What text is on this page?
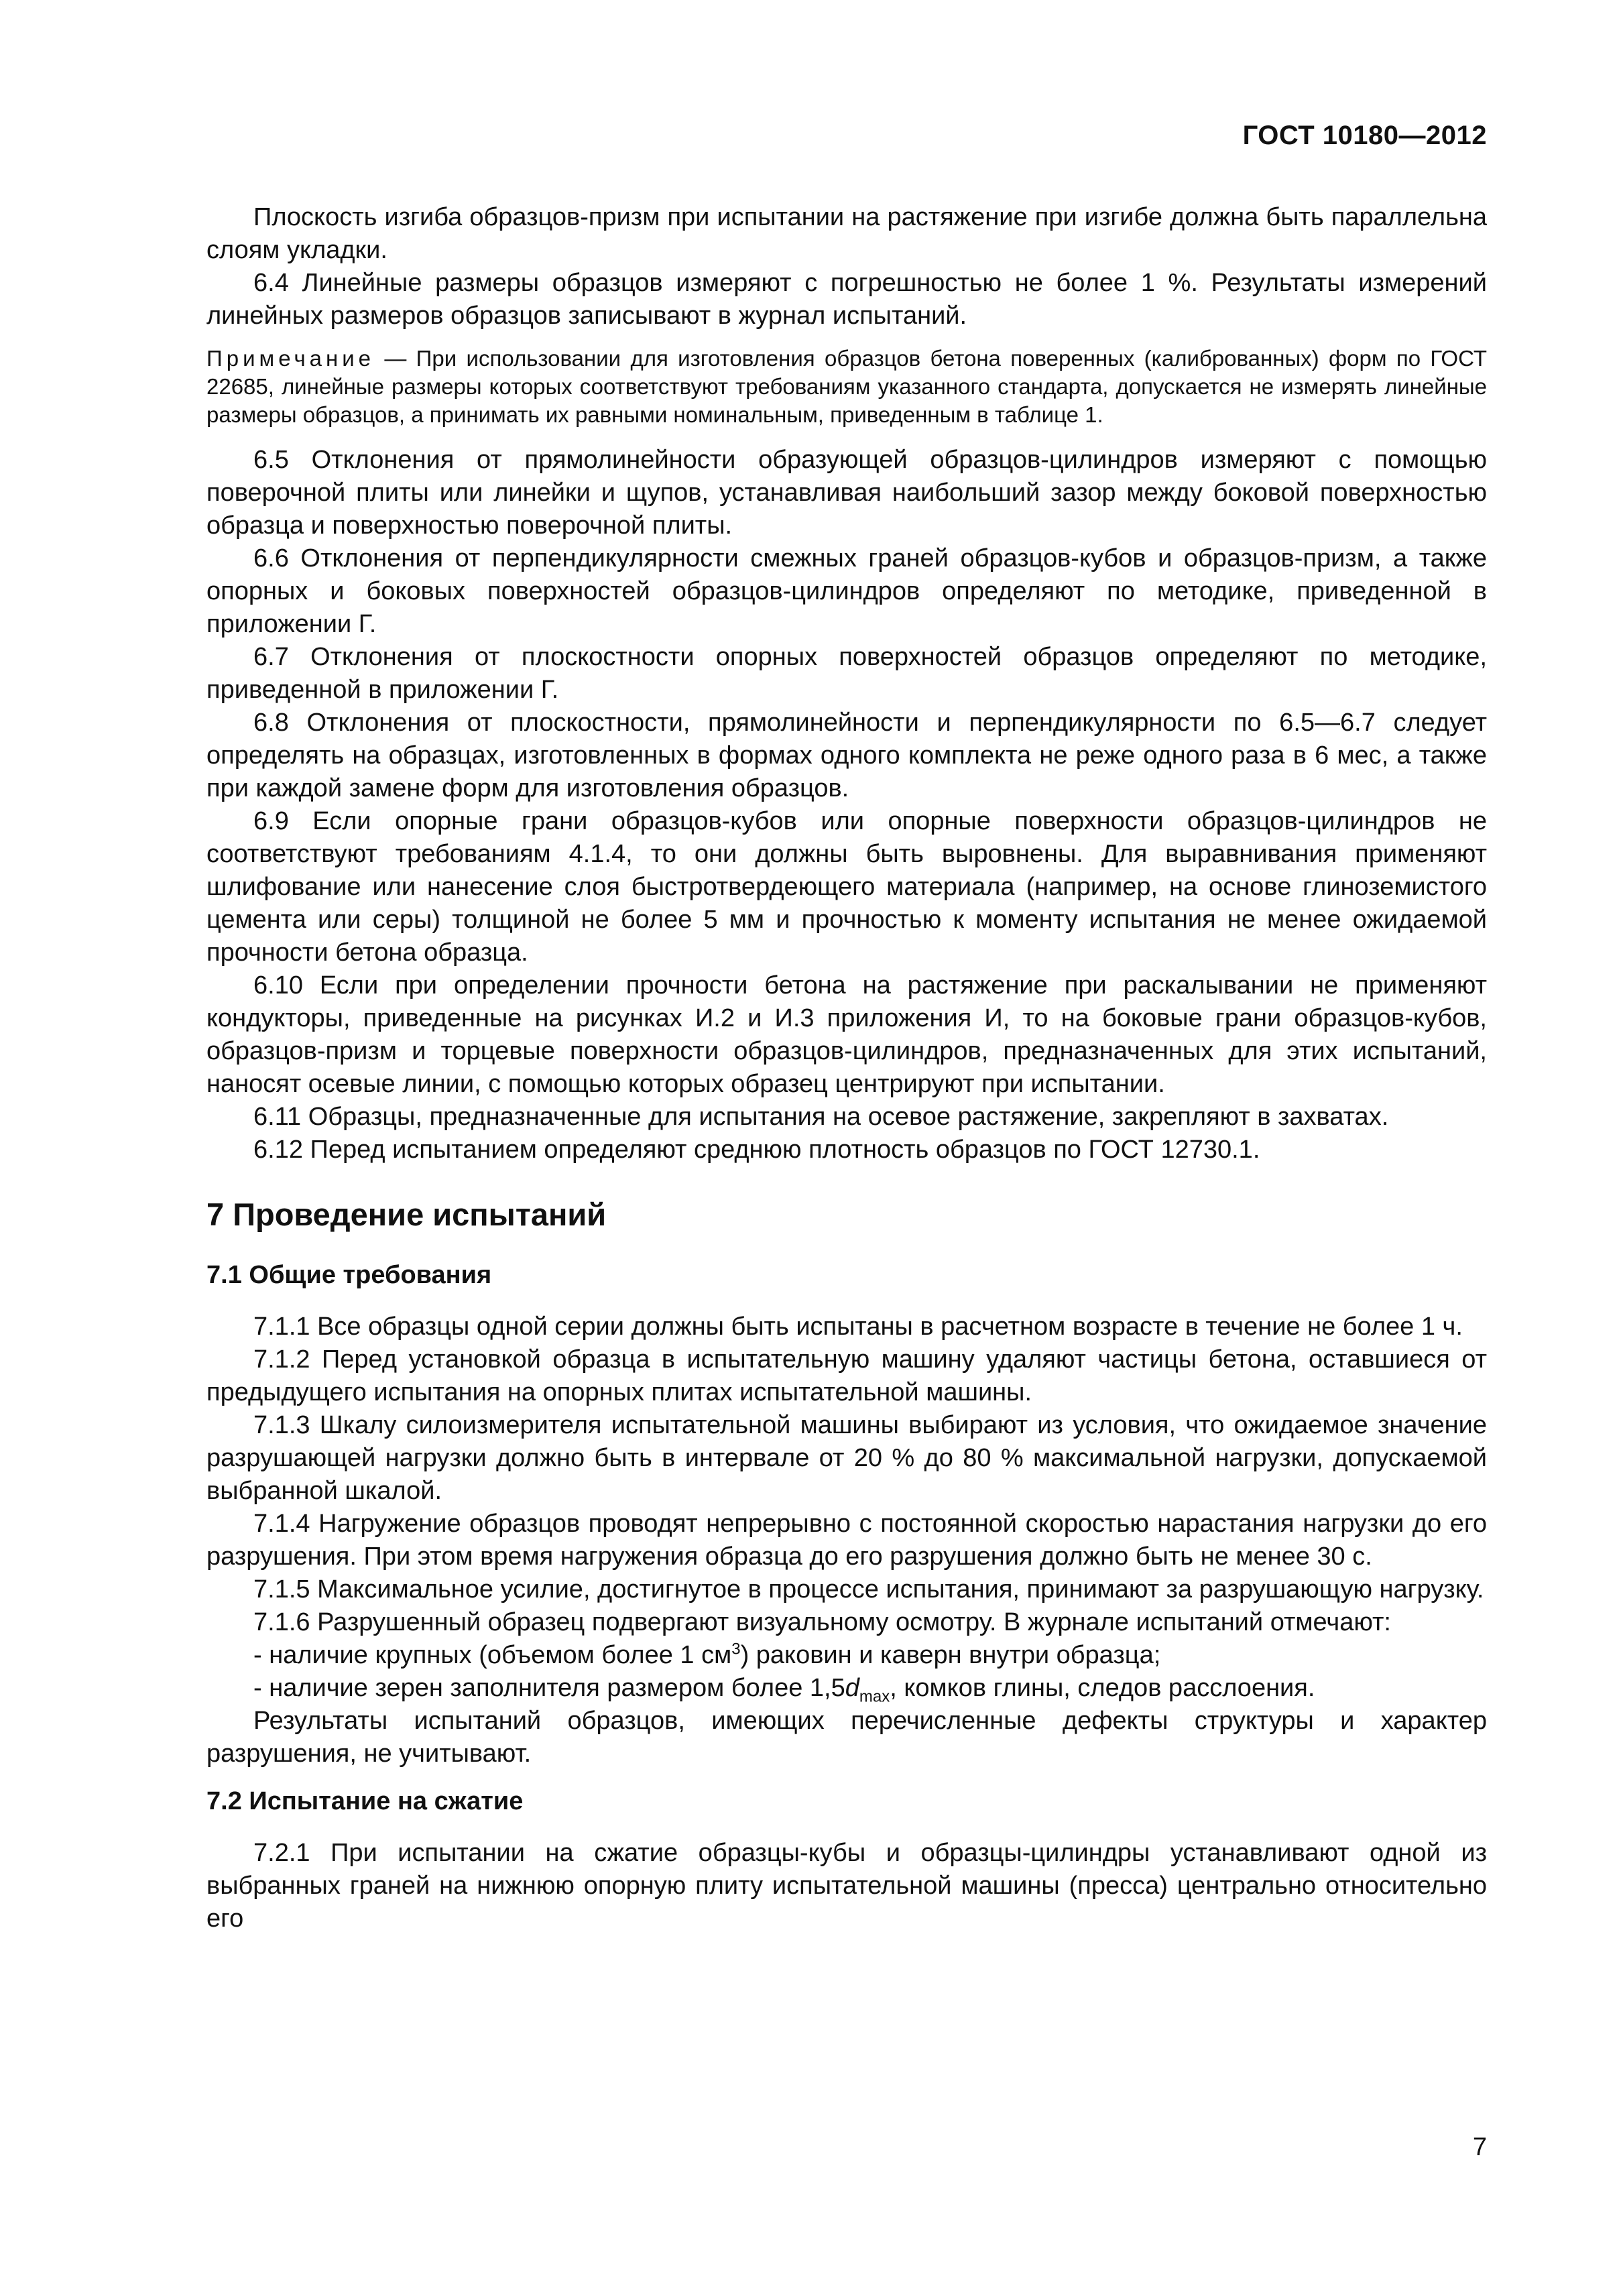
ГОСТ 10180—2012

Плоскость изгиба образцов-призм при испытании на растяжение при изгибе должна быть параллельна слоям укладки.

6.4 Линейные размеры образцов измеряют с погрешностью не более 1 %. Результаты измерений линейных размеров образцов записывают в журнал испытаний.

Примечание — При использовании для изготовления образцов бетона поверенных (калиброванных) форм по ГОСТ 22685, линейные размеры которых соответствуют требованиям указанного стандарта, допускается не измерять линейные размеры образцов, а принимать их равными номинальным, приведенным в таблице 1.

6.5 Отклонения от прямолинейности образующей образцов-цилиндров измеряют с помощью поверочной плиты или линейки и щупов, устанавливая наибольший зазор между боковой поверхностью образца и поверхностью поверочной плиты.

6.6 Отклонения от перпендикулярности смежных граней образцов-кубов и образцов-призм, а также опорных и боковых поверхностей образцов-цилиндров определяют по методике, приведенной в приложении Г.

6.7 Отклонения от плоскостности опорных поверхностей образцов определяют по методике, приведенной в приложении Г.

6.8 Отклонения от плоскостности, прямолинейности и перпендикулярности по 6.5—6.7 следует определять на образцах, изготовленных в формах одного комплекта не реже одного раза в 6 мес, а также при каждой замене форм для изготовления образцов.

6.9 Если опорные грани образцов-кубов или опорные поверхности образцов-цилиндров не соответствуют требованиям 4.1.4, то они должны быть выровнены. Для выравнивания применяют шлифование или нанесение слоя быстротвердеющего материала (например, на основе глиноземистого цемента или серы) толщиной не более 5 мм и прочностью к моменту испытания не менее ожидаемой прочности бетона образца.

6.10 Если при определении прочности бетона на растяжение при раскалывании не применяют кондукторы, приведенные на рисунках И.2 и И.3 приложения И, то на боковые грани образцов-кубов, образцов-призм и торцевые поверхности образцов-цилиндров, предназначенных для этих испытаний, наносят осевые линии, с помощью которых образец центрируют при испытании.

6.11 Образцы, предназначенные для испытания на осевое растяжение, закрепляют в захватах.

6.12 Перед испытанием определяют среднюю плотность образцов по ГОСТ 12730.1.

7 Проведение испытаний
7.1 Общие требования

7.1.1 Все образцы одной серии должны быть испытаны в расчетном возрасте в течение не более 1 ч.

7.1.2 Перед установкой образца в испытательную машину удаляют частицы бетона, оставшиеся от предыдущего испытания на опорных плитах испытательной машины.

7.1.3 Шкалу силоизмерителя испытательной машины выбирают из условия, что ожидаемое значение разрушающей нагрузки должно быть в интервале от 20 % до 80 % максимальной нагрузки, допускаемой выбранной шкалой.

7.1.4 Нагружение образцов проводят непрерывно с постоянной скоростью нарастания нагрузки до его разрушения. При этом время нагружения образца до его разрушения должно быть не менее 30 с.

7.1.5 Максимальное усилие, достигнутое в процессе испытания, принимают за разрушающую нагрузку.

7.1.6 Разрушенный образец подвергают визуальному осмотру. В журнале испытаний отмечают:

- наличие крупных (объемом более 1 $см^3$) раковин и каверн внутри образца;

- наличие зерен заполнителя размером более $1,5d_{max}$, комков глины, следов расслоения.

Результаты испытаний образцов, имеющих перечисленные дефекты структуры и характер разрушения, не учитывают.

7.2 Испытание на сжатие

7.2.1 При испытании на сжатие образцы-кубы и образцы-цилиндры устанавливают одной из выбранных граней на нижнюю опорную плиту испытательной машины (пресса) центрально относительно его

7
